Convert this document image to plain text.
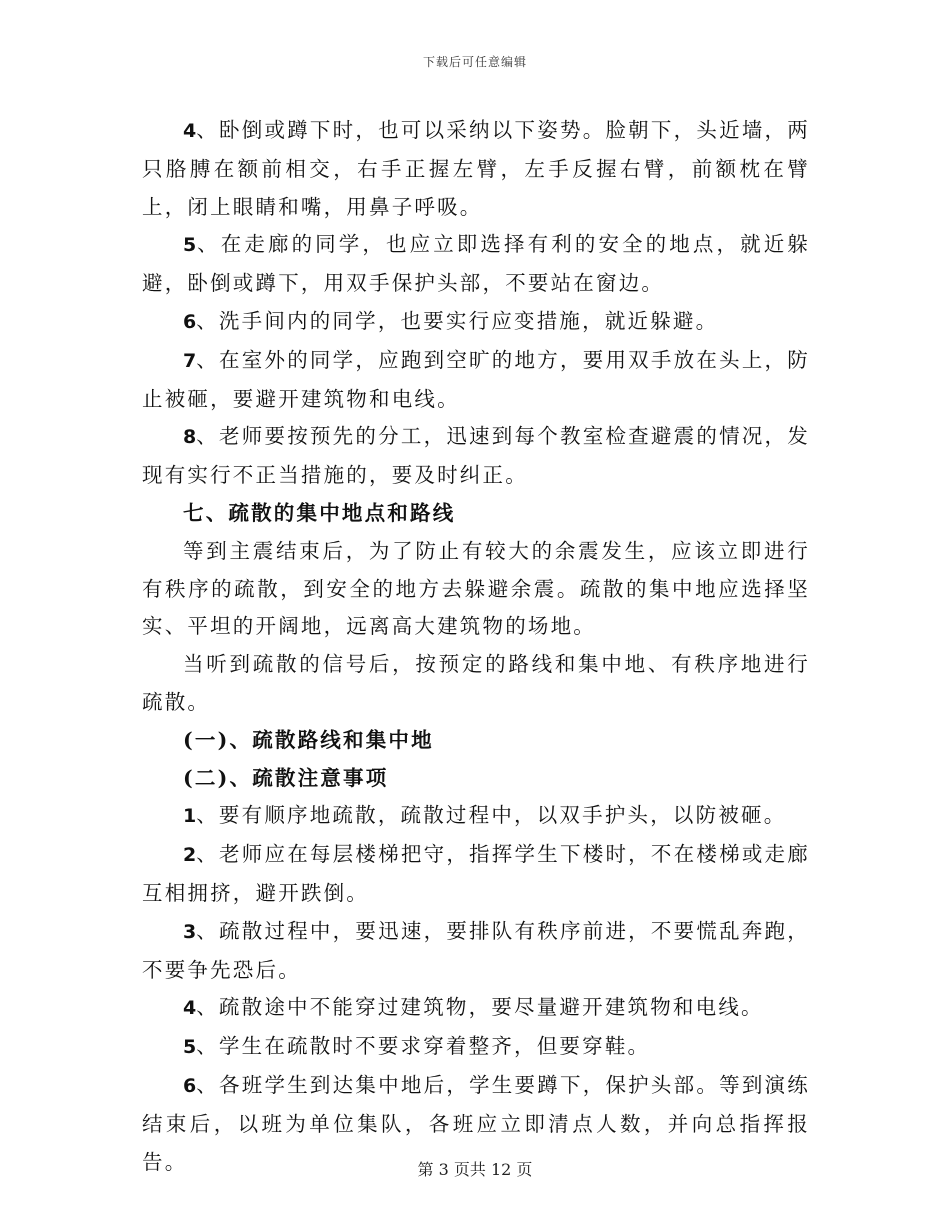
下载后可任意编辑

4、卧倒或蹲下时，也可以采纳以下姿势。脸朝下，头近墙，两只胳膊在额前相交，右手正握左臂，左手反握右臂，前额枕在臂上，闭上眼睛和嘴，用鼻子呼吸。

5、在走廊的同学，也应立即选择有利的安全的地点，就近躲避，卧倒或蹲下，用双手保护头部，不要站在窗边。

6、洗手间内的同学，也要实行应变措施，就近躲避。

7、在室外的同学，应跑到空旷的地方，要用双手放在头上，防止被砸，要避开建筑物和电线。

8、老师要按预先的分工，迅速到每个教室检查避震的情况，发现有实行不正当措施的，要及时纠正。

七、疏散的集中地点和路线

等到主震结束后，为了防止有较大的余震发生，应该立即进行有秩序的疏散，到安全的地方去躲避余震。疏散的集中地应选择坚实、平坦的开阔地，远离高大建筑物的场地。

当听到疏散的信号后，按预定的路线和集中地、有秩序地进行疏散。

(一)、疏散路线和集中地

(二)、疏散注意事项

1、要有顺序地疏散，疏散过程中，以双手护头，以防被砸。

2、老师应在每层楼梯把守，指挥学生下楼时，不在楼梯或走廊互相拥挤，避开跌倒。

3、疏散过程中，要迅速，要排队有秩序前进，不要慌乱奔跑，不要争先恐后。

4、疏散途中不能穿过建筑物，要尽量避开建筑物和电线。

5、学生在疏散时不要求穿着整齐，但要穿鞋。

6、各班学生到达集中地后，学生要蹲下，保护头部。等到演练结束后，以班为单位集队，各班应立即清点人数，并向总指挥报告。	第 3 页共 12 页
